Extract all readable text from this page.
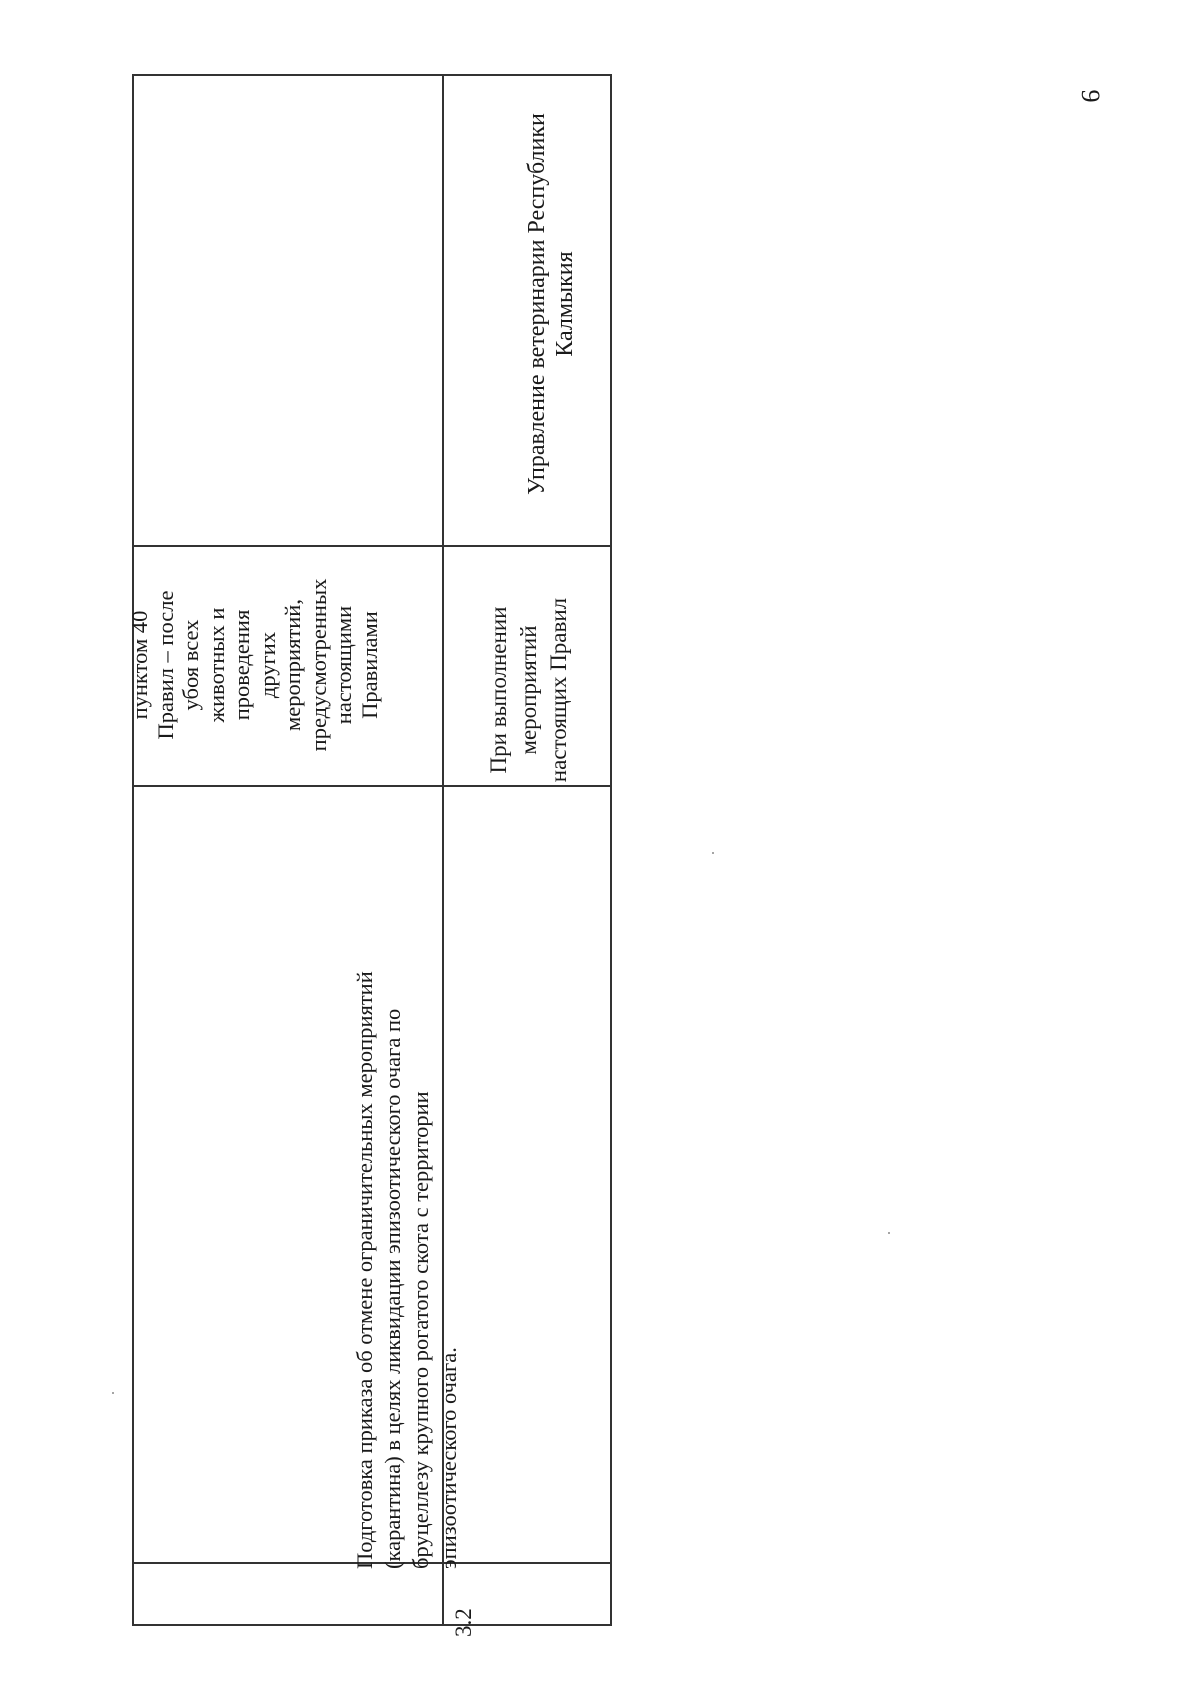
9
пунктом 40
Правил – после
убоя всех
животных и
проведения
других
мероприятий,
предусмотренных
настоящими
Правилами
3.2
Подготовка приказа об отмене ограничительных мероприятий
(карантина) в целях ликвидации эпизоотического очага по
бруцеллезу крупного рогатого скота с территории
эпизоотического очага.
При выполнении
мероприятий
настоящих Правил
Управление ветеринарии Республики
Калмыкия
